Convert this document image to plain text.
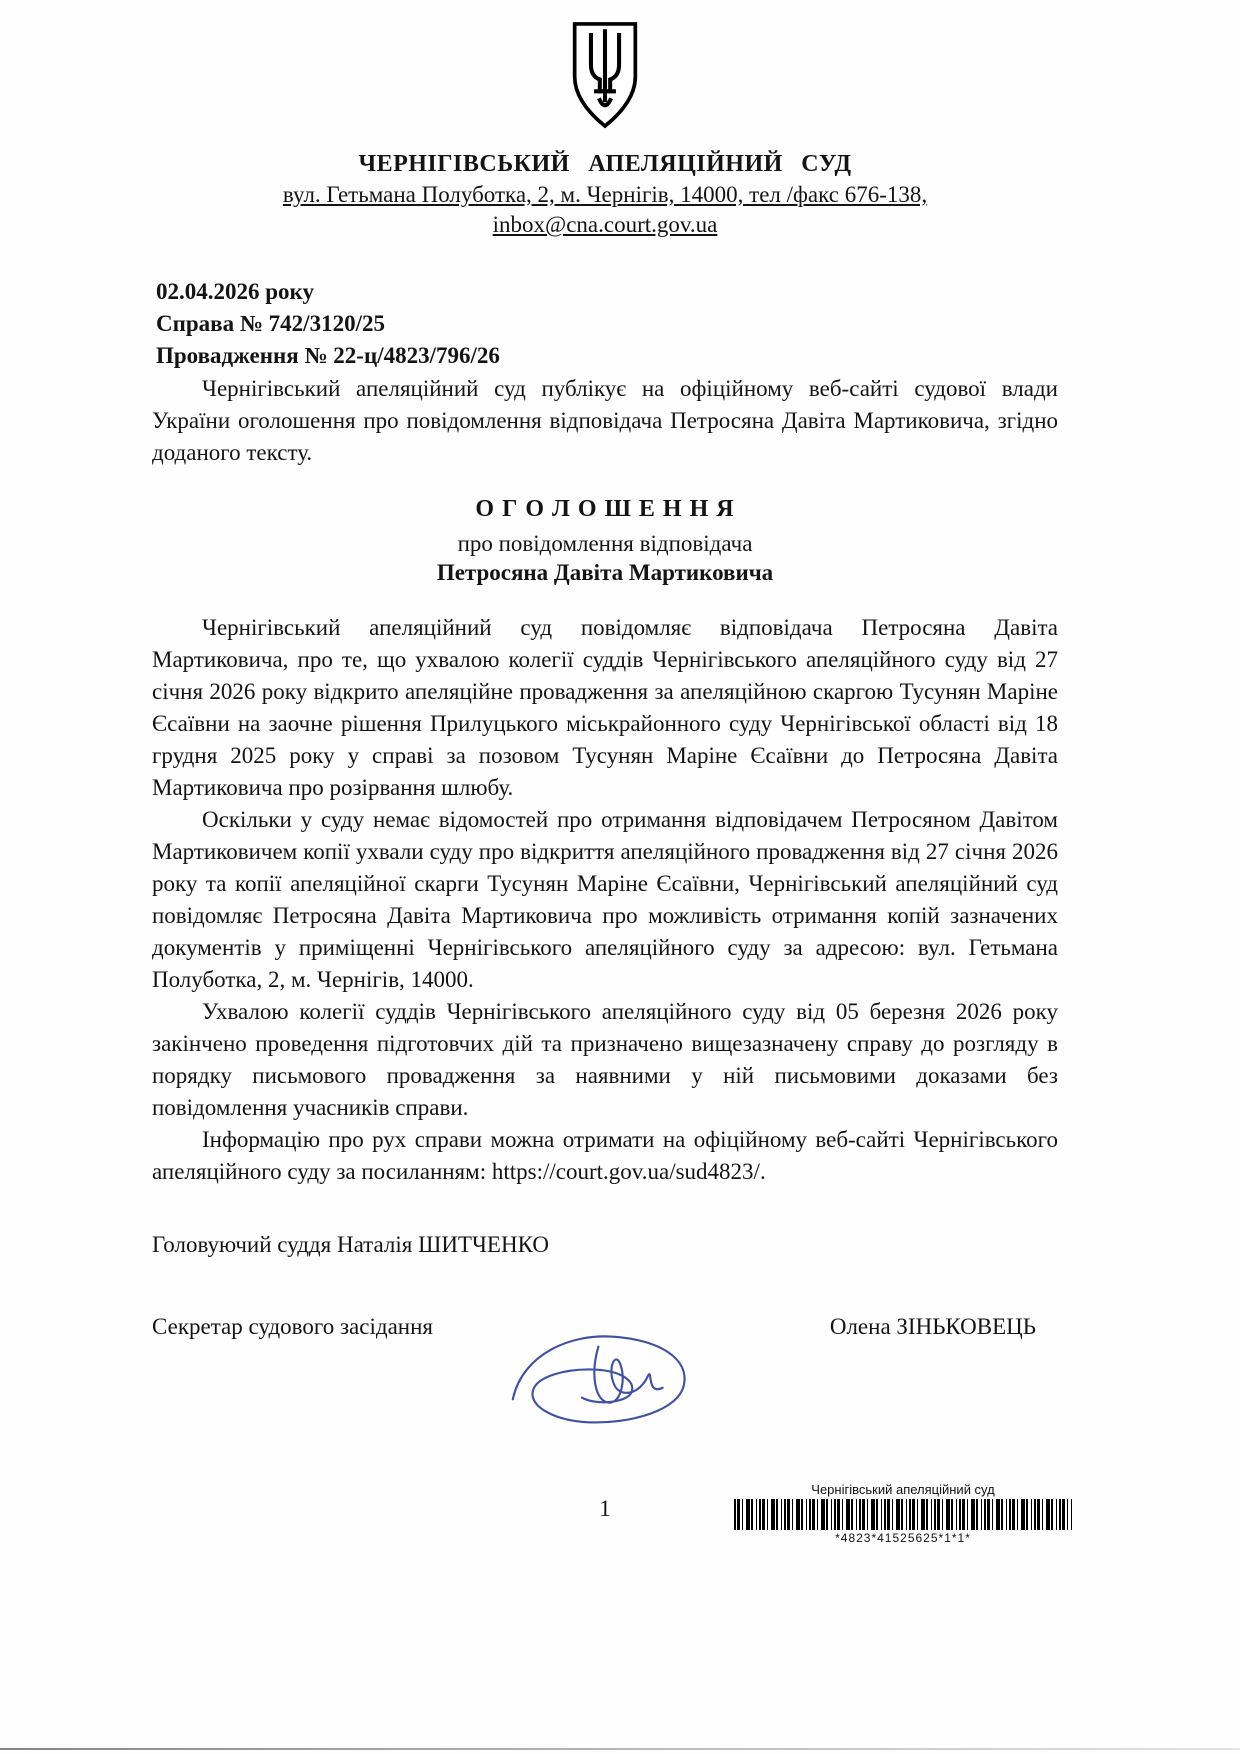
ЧЕРНІГІВСЬКИЙ АПЕЛЯЦІЙНИЙ СУД
вул. Гетьмана Полуботка, 2, м. Чернігів, 14000, тел /факс 676-138,
inbox@cna.court.gov.ua
02.04.2026 року
Справа № 742/3120/25
Провадження № 22-ц/4823/796/26

Чернігівський апеляційний суд публікує на офіційному веб-сайті судової влади України оголошення про повідомлення відповідача Петросяна Давіта Мартиковича, згідно доданого тексту.

О Г О Л О Ш Е Н Н Я
про повідомлення відповідача
Петросяна Давіта Мартиковича

Чернігівський апеляційний суд повідомляє відповідача Петросяна Давіта Мартиковича, про те, що ухвалою колегії суддів Чернігівського апеляційного суду від 27 січня 2026 року відкрито апеляційне провадження за апеляційною скаргою Тусунян Маріне Єсаївни на заочне рішення Прилуцького міськрайонного суду Чернігівської області від 18 грудня 2025 року у справі за позовом Тусунян Маріне Єсаївни до Петросяна Давіта Мартиковича про розірвання шлюбу.

Оскільки у суду немає відомостей про отримання відповідачем Петросяном Давітом Мартиковичем копії ухвали суду про відкриття апеляційного провадження від 27 січня 2026 року та копії апеляційної скарги Тусунян Маріне Єсаївни, Чернігівський апеляційний суд повідомляє Петросяна Давіта Мартиковича про можливість отримання копій зазначених документів у приміщенні Чернігівського апеляційного суду за адресою: вул. Гетьмана Полуботка, 2, м. Чернігів, 14000.

Ухвалою колегії суддів Чернігівського апеляційного суду від 05 березня 2026 року закінчено проведення підготовчих дій та призначено вищезазначену справу до розгляду в порядку письмового провадження за наявними у ній письмовими доказами без повідомлення учасників справи.

Інформацію про рух справи можна отримати на офіційному веб-сайті Чернігівського апеляційного суду за посиланням: https://court.gov.ua/sud4823/.

Головуючий суддя Наталія ШИТЧЕНКО
Секретар судового засідання	Олена ЗІНЬКОВЕЦЬ
Чернігівський апеляційний суд
*4823*41525625*1*1*
1
